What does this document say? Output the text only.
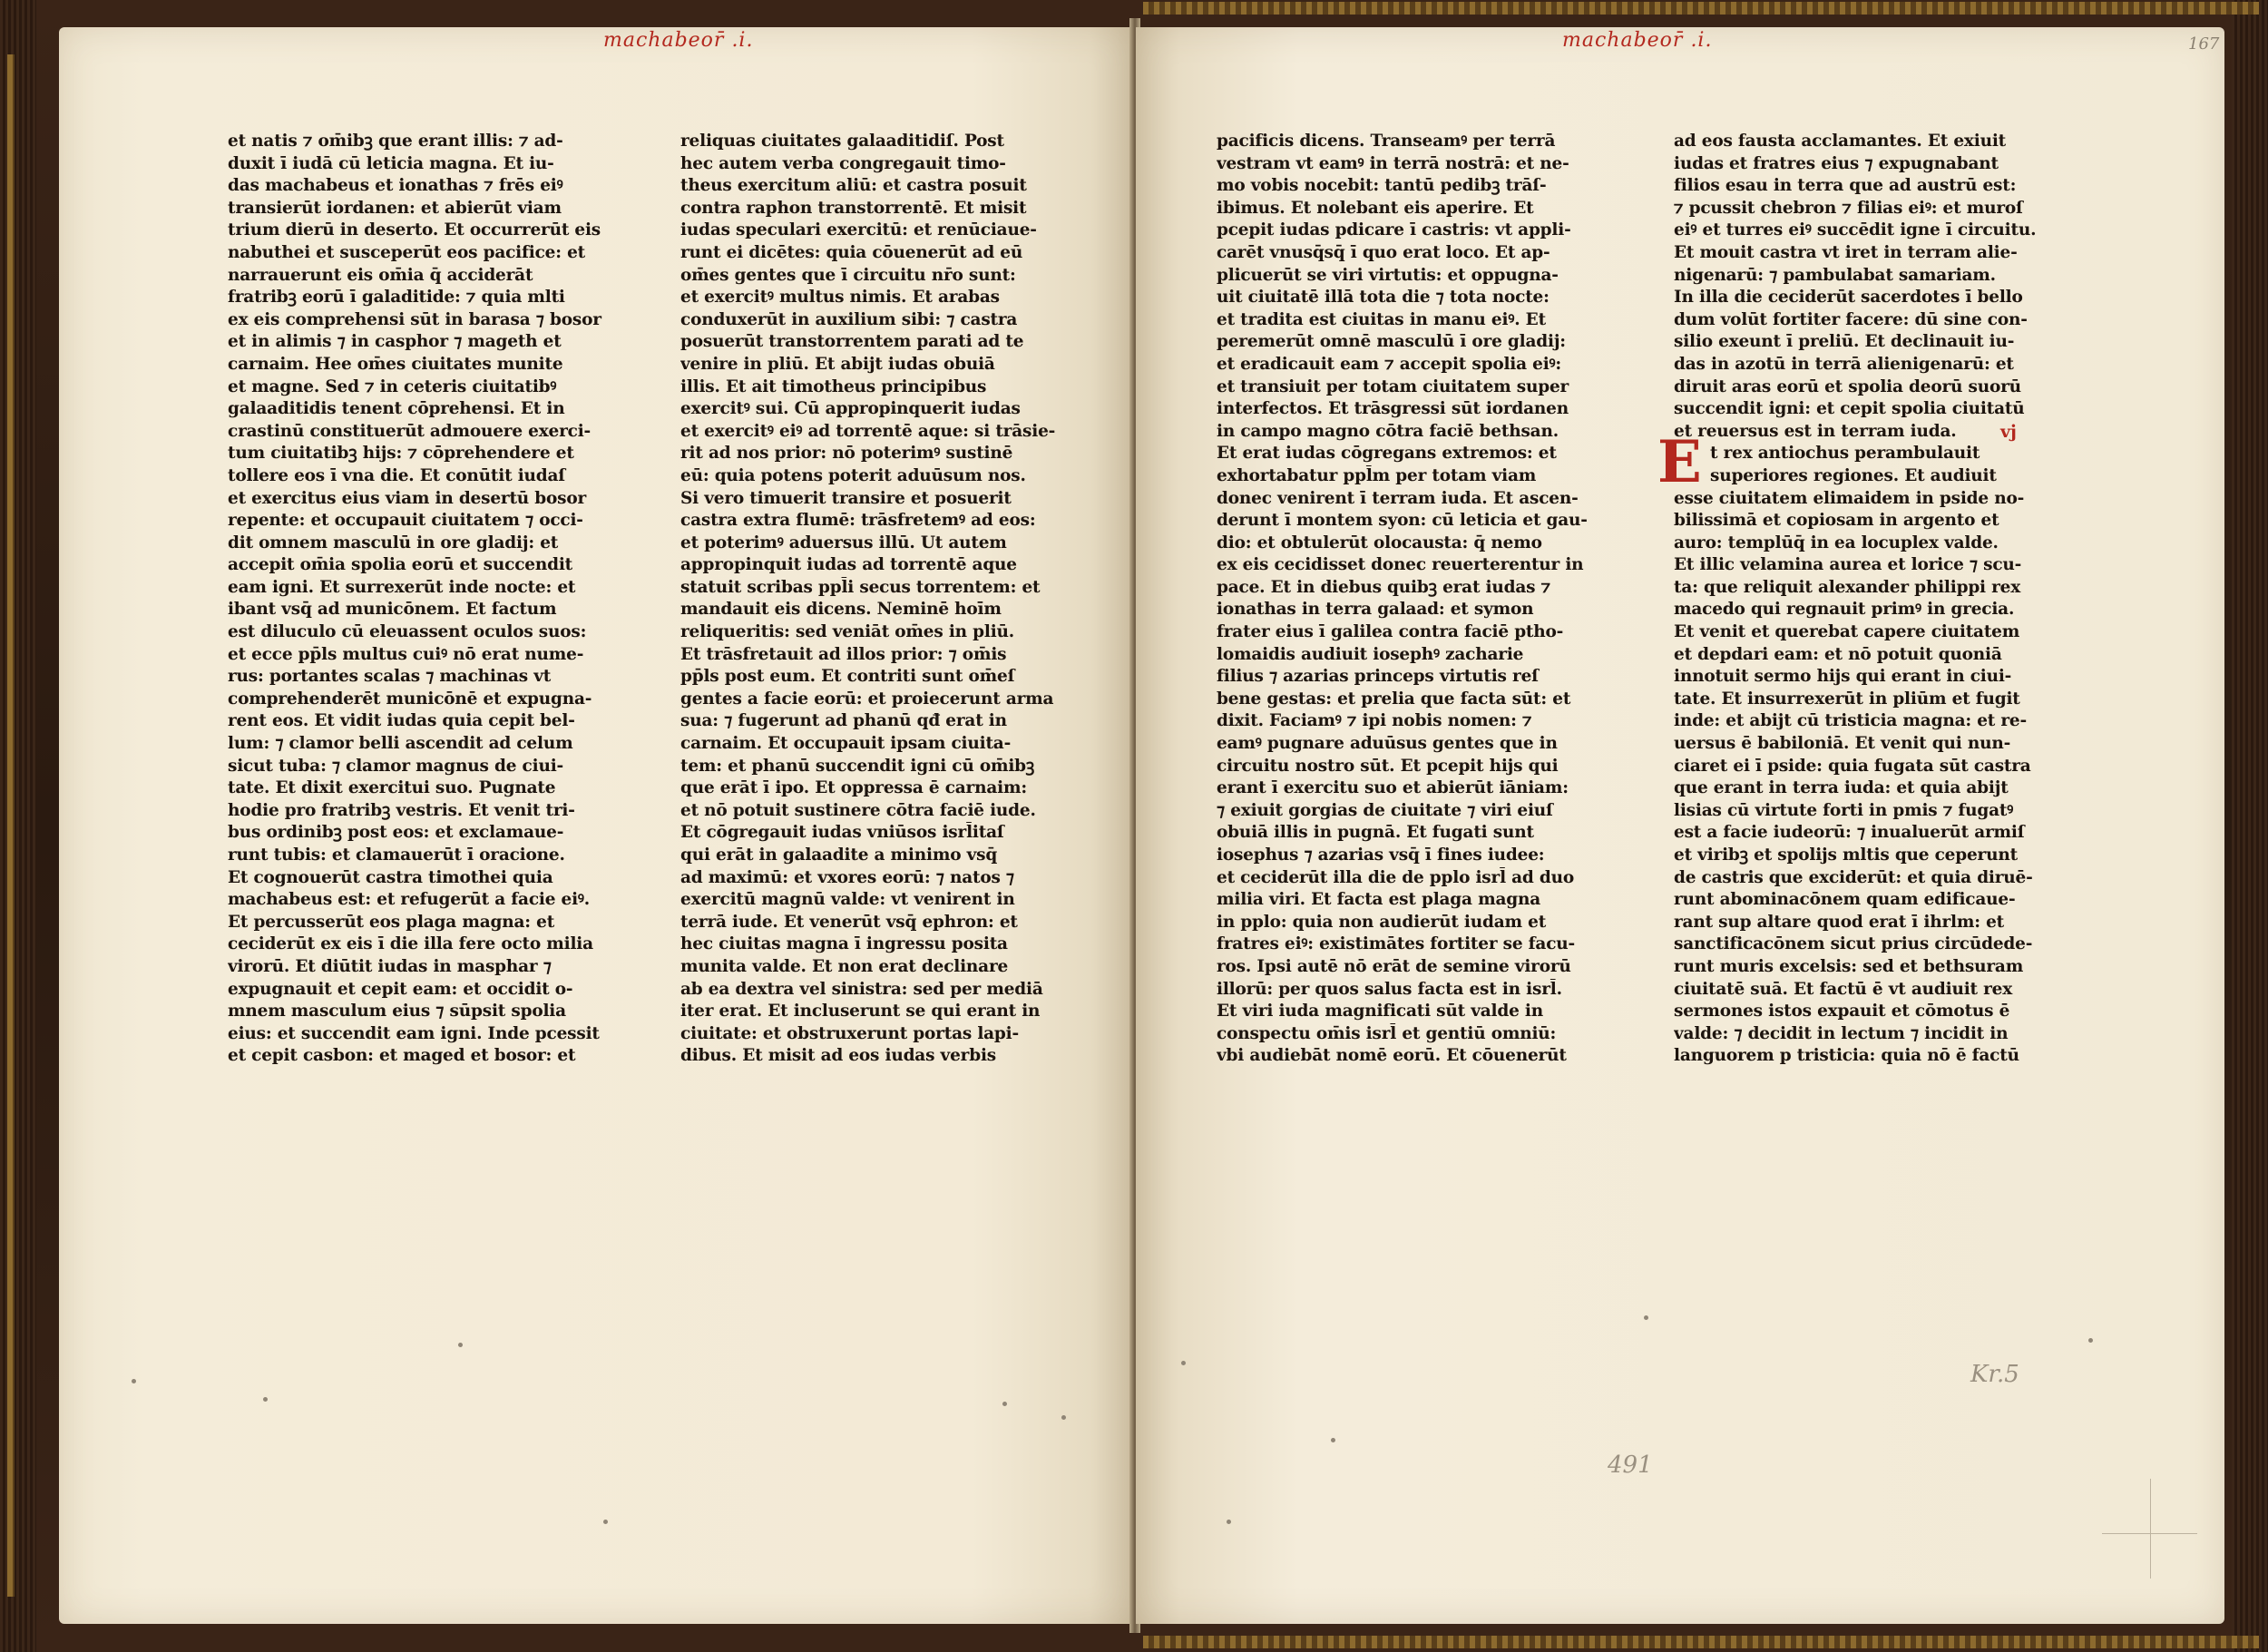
machabeor̄ .i.
et natis ⁊ om̄ibꝫ que erant illis: ⁊ ad-
duxit ī iudā cū leticia magna. Et iu-
das machabeus et ionathas ⁊ frēs eiꝰ
transierūt iordanen: et abierūt viam
trium dierū in deserto. Et occurrerūt eis
nabuthei et susceperūt eos pacifice: et
narrauerunt eis om̄ia q̄ acciderāt
fratribꝫ eorū ī galaditide: ⁊ quia mlti
ex eis comprehensi sūt in barasa ⁊ bosor
et in alimis ⁊ in casphor ⁊ mageth et
carnaim. Hee om̄es ciuitates munite
et magne. Sed ⁊ in ceteris ciuitatibꝰ
galaaditidis tenent cōprehensi. Et in
crastinū constituerūt admouere exerci-
tum ciuitatibꝫ hijs: ⁊ cōprehendere et
tollere eos ī vna die. Et conūtit iudaſ
et exercitus eius viam in desertū bosor
repente: et occupauit ciuitatem ⁊ occi-
dit omnem masculū in ore gladij: et
accepit om̄ia spolia eorū et succendit
eam igni. Et surrexerūt inde nocte: et
ibant vsq̄ ad municōnem. Et factum
est diluculo cū eleuassent oculos suos:
et ecce pp̄ls multus cuiꝰ nō erat nume-
rus: portantes scalas ⁊ machinas vt
comprehenderēt municōnē et expugna-
rent eos. Et vidit iudas quia cepit bel-
lum: ⁊ clamor belli ascendit ad celum
sicut tuba: ⁊ clamor magnus de ciui-
tate. Et dixit exercitui suo. Pugnate
hodie pro fratribꝫ vestris. Et venit tri-
bus ordinibꝫ post eos: et exclamaue-
runt tubis: et clamauerūt ī oracione.
Et cognouerūt castra timothei quia
machabeus est: et refugerūt a facie eiꝰ.
Et percusserūt eos plaga magna: et
ceciderūt ex eis ī die illa fere octo milia
virorū. Et diūtit iudas in masphar ⁊
expugnauit et cepit eam: et occidit o-
mnem masculum eius ⁊ sūpsit spolia
eius: et succendit eam igni. Inde pcessit
et cepit casbon: et maged et bosor: et
reliquas ciuitates galaaditidiſ. Post
hec autem verba congregauit timo-
theus exercitum aliū: et castra posuit
contra raphon transtorrentē. Et misit
iudas speculari exercitū: et renūciaue-
runt ei dicētes: quia cōuenerūt ad eū
om̄es gentes que ī circuitu nr̄o sunt:
et exercitꝰ multus nimis. Et arabas
conduxerūt in auxilium sibi: ⁊ castra
posuerūt transtorrentem parati ad te
venire in pliū. Et abijt iudas obuiā
illis. Et ait timotheus principibus
exercitꝰ sui. Cū appropinquerit iudas
et exercitꝰ eiꝰ ad torrentē aque: si trāsie-
rit ad nos prior: nō poterimꝰ sustinē
eū: quia potens poterit aduūsum nos.
Si vero timuerit transire et posuerit
castra extra flumē: trāsfretemꝰ ad eos:
et poterimꝰ aduersus illū. Ut autem
appropinquit iudas ad torrentē aque
statuit scribas ppl̄i secus torrentem: et
mandauit eis dicens. Neminē hoīm
reliqueritis: sed veniāt om̄es in pliū.
Et trāsfretauit ad illos prior: ⁊ om̄is
pp̄ls post eum. Et contriti sunt om̄eſ
gentes a facie eorū: et proiecerunt arma
sua: ⁊ fugerunt ad phanū qđ erat in
carnaim. Et occupauit ipsam ciuita-
tem: et phanū succendit igni cū om̄ibꝫ
que erāt ī ipo. Et oppressa ē carnaim:
et nō potuit sustinere cōtra faciē iude.
Et cōgregauit iudas vniūsos isrl̄itaſ
qui erāt in galaadite a minimo vsq̄
ad maximū: et vxores eorū: ⁊ natos ⁊
exercitū magnū valde: vt venirent in
terrā iude. Et venerūt vsq̄ ephron: et
hec ciuitas magna ī ingressu posita
munita valde. Et non erat declinare
ab ea dextra vel sinistra: sed per mediā
iter erat. Et incluserunt se qui erant in
ciuitate: et obstruxerunt portas lapi-
dibus. Et misit ad eos iudas verbis
machabeor̄ .i.	167
pacificis dicens. Transeamꝰ per terrā
vestram vt eamꝰ in terrā nostrā: et ne-
mo vobis nocebit: tantū pedibꝫ trāſ-
ibimus. Et nolebant eis aperire. Et
pcepit iudas pdicare ī castris: vt appli-
carēt vnusq̄sq̄ ī quo erat loco. Et ap-
plicuerūt se viri virtutis: et oppugna-
uit ciuitatē illā tota die ⁊ tota nocte:
et tradita est ciuitas in manu eiꝰ. Et
peremerūt omnē masculū ī ore gladij:
et eradicauit eam ⁊ accepit spolia eiꝰ:
et transiuit per totam ciuitatem super
interfectos. Et trāsgressi sūt iordanen
in campo magno cōtra faciē bethsan.
Et erat iudas cōgregans extremos: et
exhortabatur ppl̄m per totam viam
donec venirent ī terram iuda. Et ascen-
derunt ī montem syon: cū leticia et gau-
dio: et obtulerūt olocausta: q̄ nemo
ex eis cecidisset donec reuerterentur in
pace. Et in diebus quibꝫ erat iudas ⁊
ionathas in terra galaad: et symon
frater eius ī galilea contra faciē ptho-
lomaidis audiuit iosephꝰ zacharie
filius ⁊ azarias princeps virtutis reſ
bene gestas: et prelia que facta sūt: et
dixit. Faciamꝰ ⁊ ipi nobis nomen: ⁊
eamꝰ pugnare aduūsus gentes que in
circuitu nostro sūt. Et pcepit hijs qui
erant ī exercitu suo et abierūt iāniam:
⁊ exiuit gorgias de ciuitate ⁊ viri eiuſ
obuiā illis in pugnā. Et fugati sunt
iosephus ⁊ azarias vsq̄ ī fines iudee:
et ceciderūt illa die de pplo isrl̄ ad duo
milia viri. Et facta est plaga magna
in pplo: quia non audierūt iudam et
fratres eiꝰ: existimātes fortiter se facu-
ros. Ipsi autē nō erāt de semine virorū
illorū: per quos salus facta est in isrl̄.
Et viri iuda magnificati sūt valde in
conspectu om̄is isrl̄ et gentiū omniū:
vbi audiebāt nomē eorū. Et cōuenerūt
ad eos fausta acclamantes. Et exiuit
iudas et fratres eius ⁊ expugnabant
filios esau in terra que ad austrū est:
⁊ pcussit chebron ⁊ filias eiꝰ: et muroſ
eiꝰ et turres eiꝰ succēdit igne ī circuitu.
Et mouit castra vt iret in terram alie-
nigenarū: ⁊ pambulabat samariam.
In illa die ceciderūt sacerdotes ī bello
dum volūt fortiter facere: dū sine con-
silio exeunt ī preliū. Et declinauit iu-
das in azotū in terrā alienigenarū: et
diruit aras eorū et spolia deorū suorū
succendit igni: et cepit spolia ciuitatū
et reuersus est in terram iuda.
t rex antiochus perambulauit
superiores regiones. Et audiuit
esse ciuitatem elimaidem in pside no-
bilissimā et copiosam in argento et
auro: templūq̄ in ea locuplex valde.
Et illic velamina aurea et lorice ⁊ scu-
ta: que reliquit alexander philippi rex
macedo qui regnauit primꝰ in grecia.
Et venit et querebat capere ciuitatem
et depdari eam: et nō potuit quoniā
innotuit sermo hijs qui erant in ciui-
tate. Et insurrexerūt in pliūm et fugit
inde: et abijt cū tristicia magna: et re-
uersus ē babiloniā. Et venit qui nun-
ciaret ei ī pside: quia fugata sūt castra
que erant in terra iuda: et quia abijt
lisias cū virtute forti in pmis ⁊ fugatꝰ
est a facie iudeorū: ⁊ inualuerūt armiſ
et viribꝫ et spolijs mltis que ceperunt
de castris que exciderūt: et quia diruē-
runt abominacōnem quam edificaue-
rant sup altare quod erat ī ihrlm: et
sanctificacōnem sicut prius circūdede-
runt muris excelsis: sed et bethsuram
ciuitatē suā. Et factū ē vt audiuit rex
sermones istos expauit et cōmotus ē
valde: ⁊ decidit in lectum ⁊ incidit in
languorem p tristicia: quia nō ē factū
vj
E
Kr.5
491
